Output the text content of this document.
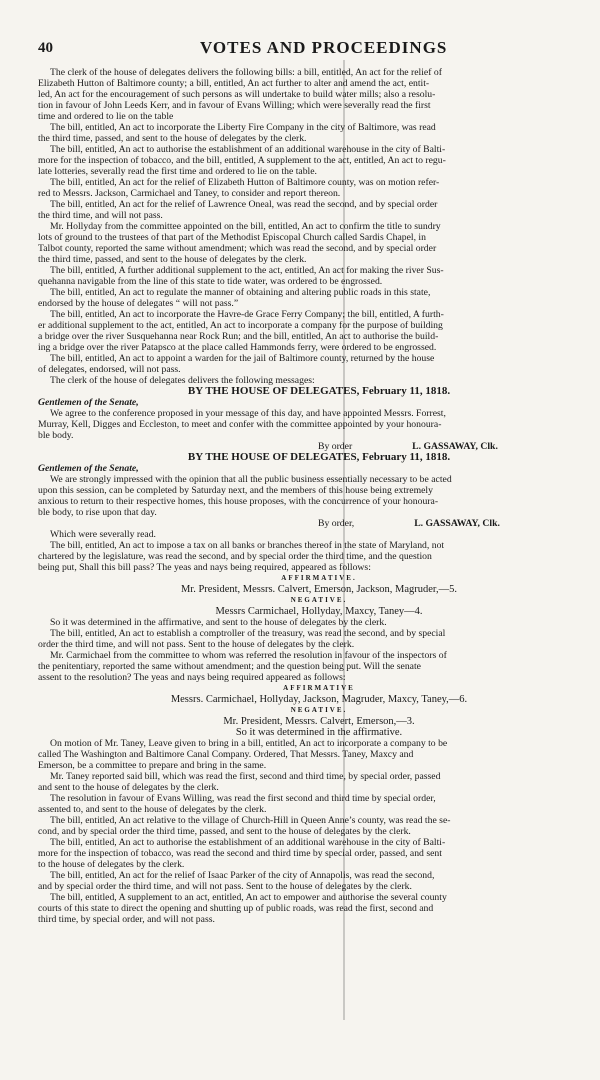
40	VOTES AND PROCEEDINGS

The clerk of the house of delegates delivers the following bills: a bill, entitled, An act for the relief of

Elizabeth Hutton of Baltimore county; a bill, entitled, An act further to alter and amend the act, entit-

led, An act for the encouragement of such persons as will undertake to build water mills; also a resolu-

tion in favour of John Leeds Kerr, and in favour of Evans Willing; which were severally read the first

time and ordered to lie on the table

The bill, entitled, An act to incorporate the Liberty Fire Company in the city of Baltimore, was read

the third time, passed, and sent to the house of delegates by the clerk.

The bill, entitled, An act to authorise the establishment of an additional warehouse in the city of Balti-

more for the inspection of tobacco, and the bill, entitled, A supplement to the act, entitled, An act to regu-

late lotteries, severally read the first time and ordered to lie on the table.

The bill, entitled, An act for the relief of Elizabeth Hutton of Baltimore county, was on motion refer-

red to Messrs. Jackson, Carmichael and Taney, to consider and report thereon.

The bill, entitled, An act for the relief of Lawrence Oneal, was read the second, and by special order

the third time, and will not pass.

Mr. Hollyday from the committee appointed on the bill, entitled, An act to confirm the title to sundry

lots of ground to the trustees of that part of the Methodist Episcopal Church called Sardis Chapel, in

Talbot county, reported the same without amendment; which was read the second, and by special order

the third time, passed, and sent to the house of delegates by the clerk.

The bill, entitled, A further additional supplement to the act, entitled, An act for making the river Sus-

quehanna navigable from the line of this state to tide water, was ordered to be engrossed.

The bill, entitled, An act to regulate the manner of obtaining and altering public roads in this state,

endorsed by the house of delegates “ will not pass.”

The bill, entitled, An act to incorporate the Havre-de Grace Ferry Company; the bill, entitled, A furth-

er additional supplement to the act, entitled, An act to incorporate a company for the purpose of building

a bridge over the river Susquehanna near Rock Run; and the bill, entitled, An act to authorise the build-

ing a bridge over the river Patapsco at the place called Hammonds ferry, were ordered to be engrossed.

The bill, entitled, An act to appoint a warden for the jail of Baltimore county, returned by the house

of delegates, endorsed, will not pass.

The clerk of the house of delegates delivers the following messages:

BY THE HOUSE OF DELEGATES, February 11, 1818.

Gentlemen of the Senate,

We agree to the conference proposed in your message of this day, and have appointed Messrs. Forrest,

Murray, Kell, Digges and Eccleston, to meet and confer with the committee appointed by your honoura-

ble body.

By order	L. GASSAWAY, Clk.

BY THE HOUSE OF DELEGATES, February 11, 1818.

Gentlemen of the Senate,

We are strongly impressed with the opinion that all the public business essentially necessary to be acted

upon this session, can be completed by Saturday next, and the members of this house being extremely

anxious to return to their respective homes, this house proposes, with the concurrence of your honoura-

ble body, to rise upon that day.

By order,	L. GASSAWAY, Clk.

Which were severally read.

The bill, entitled, An act to impose a tax on all banks or branches thereof in the state of Maryland, not

chartered by the legislature, was read the second, and by special order the third time, and the question

being put, Shall this bill pass? The yeas and nays being required, appeared as follows:

AFFIRMATIVE.

Mr. President, Messrs. Calvert, Emerson, Jackson, Magruder,—5.

NEGATIVE.

Messrs Carmichael, Hollyday, Maxcy, Taney—4.

So it was determined in the affirmative, and sent to the house of delegates by the clerk.

The bill, entitled, An act to establish a comptroller of the treasury, was read the second, and by special

order the third time, and will not pass. Sent to the house of delegates by the clerk.

Mr. Carmichael from the committee to whom was referred the resolution in favour of the inspectors of

the penitentiary, reported the same without amendment; and the question being put. Will the senate

assent to the resolution? The yeas and nays being required appeared as follows:

AFFIRMATIVE

Messrs. Carmichael, Hollyday, Jackson, Magruder, Maxcy, Taney,—6.

NEGATIVE.

Mr. President, Messrs. Calvert, Emerson,—3.

So it was determined in the affirmative.

On motion of Mr. Taney, Leave given to bring in a bill, entitled, An act to incorporate a company to be

called The Washington and Baltimore Canal Company. Ordered, That Messrs. Taney, Maxcy and

Emerson, be a committee to prepare and bring in the same.

Mr. Taney reported said bill, which was read the first, second and third time, by special order, passed

and sent to the house of delegates by the clerk.

The resolution in favour of Evans Willing, was read the first second and third time by special order,

assented to, and sent to the house of delegates by the clerk.

The bill, entitled, An act relative to the village of Church-Hill in Queen Anne’s county, was read the se-

cond, and by special order the third time, passed, and sent to the house of delegates by the clerk.

The bill, entitled, An act to authorise the establishment of an additional warehouse in the city of Balti-

more for the inspection of tobacco, was read the second and third time by special order, passed, and sent

to the house of delegates by the clerk.

The bill, entitled, An act for the relief of Isaac Parker of the city of Annapolis, was read the second,

and by special order the third time, and will not pass. Sent to the house of delegates by the clerk.

The bill, entitled, A supplement to an act, entitled, An act to empower and authorise the several county

courts of this state to direct the opening and shutting up of public roads, was read the first, second and

third time, by special order, and will not pass.
